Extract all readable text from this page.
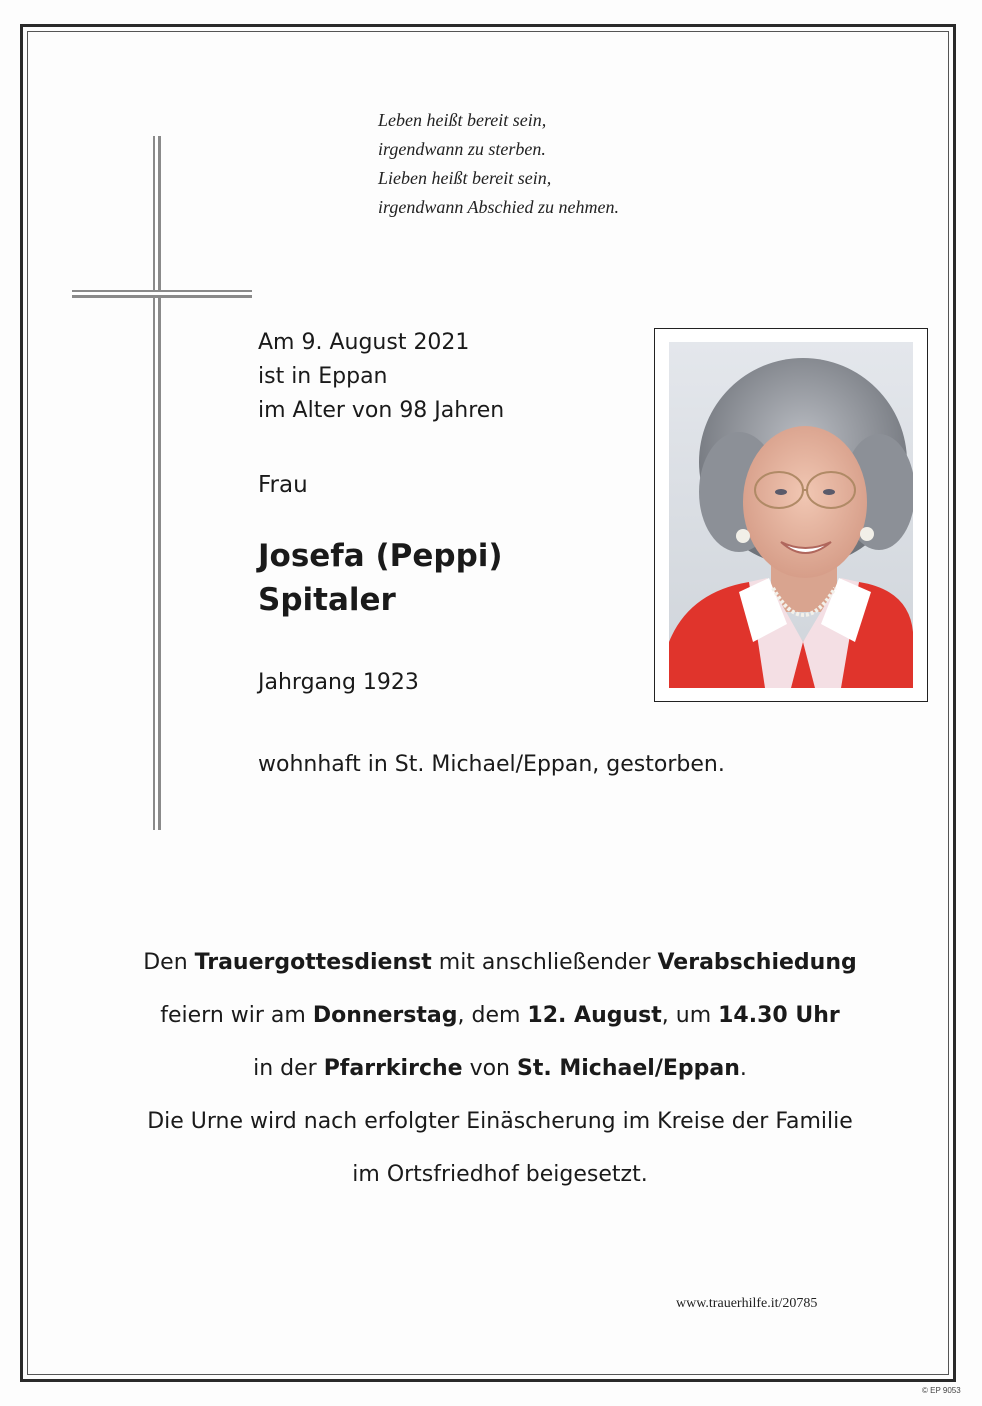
Leben heißt bereit sein,
irgendwann zu sterben.
Lieben heißt bereit sein,
irgendwann Abschied zu nehmen.
Am 9. August 2021
ist in Eppan
im Alter von 98 Jahren
Frau
Josefa (Peppi)
Spitaler
Jahrgang 1923
wohnhaft in St. Michael/Eppan, gestorben.
Den Trauergottesdienst mit anschließender Verabschiedung
feiern wir am Donnerstag, dem 12. August, um 14.30 Uhr
in der Pfarrkirche von St. Michael/Eppan.
Die Urne wird nach erfolgter Einäscherung im Kreise der Familie
im Ortsfriedhof beigesetzt.
www.trauerhilfe.it/20785
© EP 9053
